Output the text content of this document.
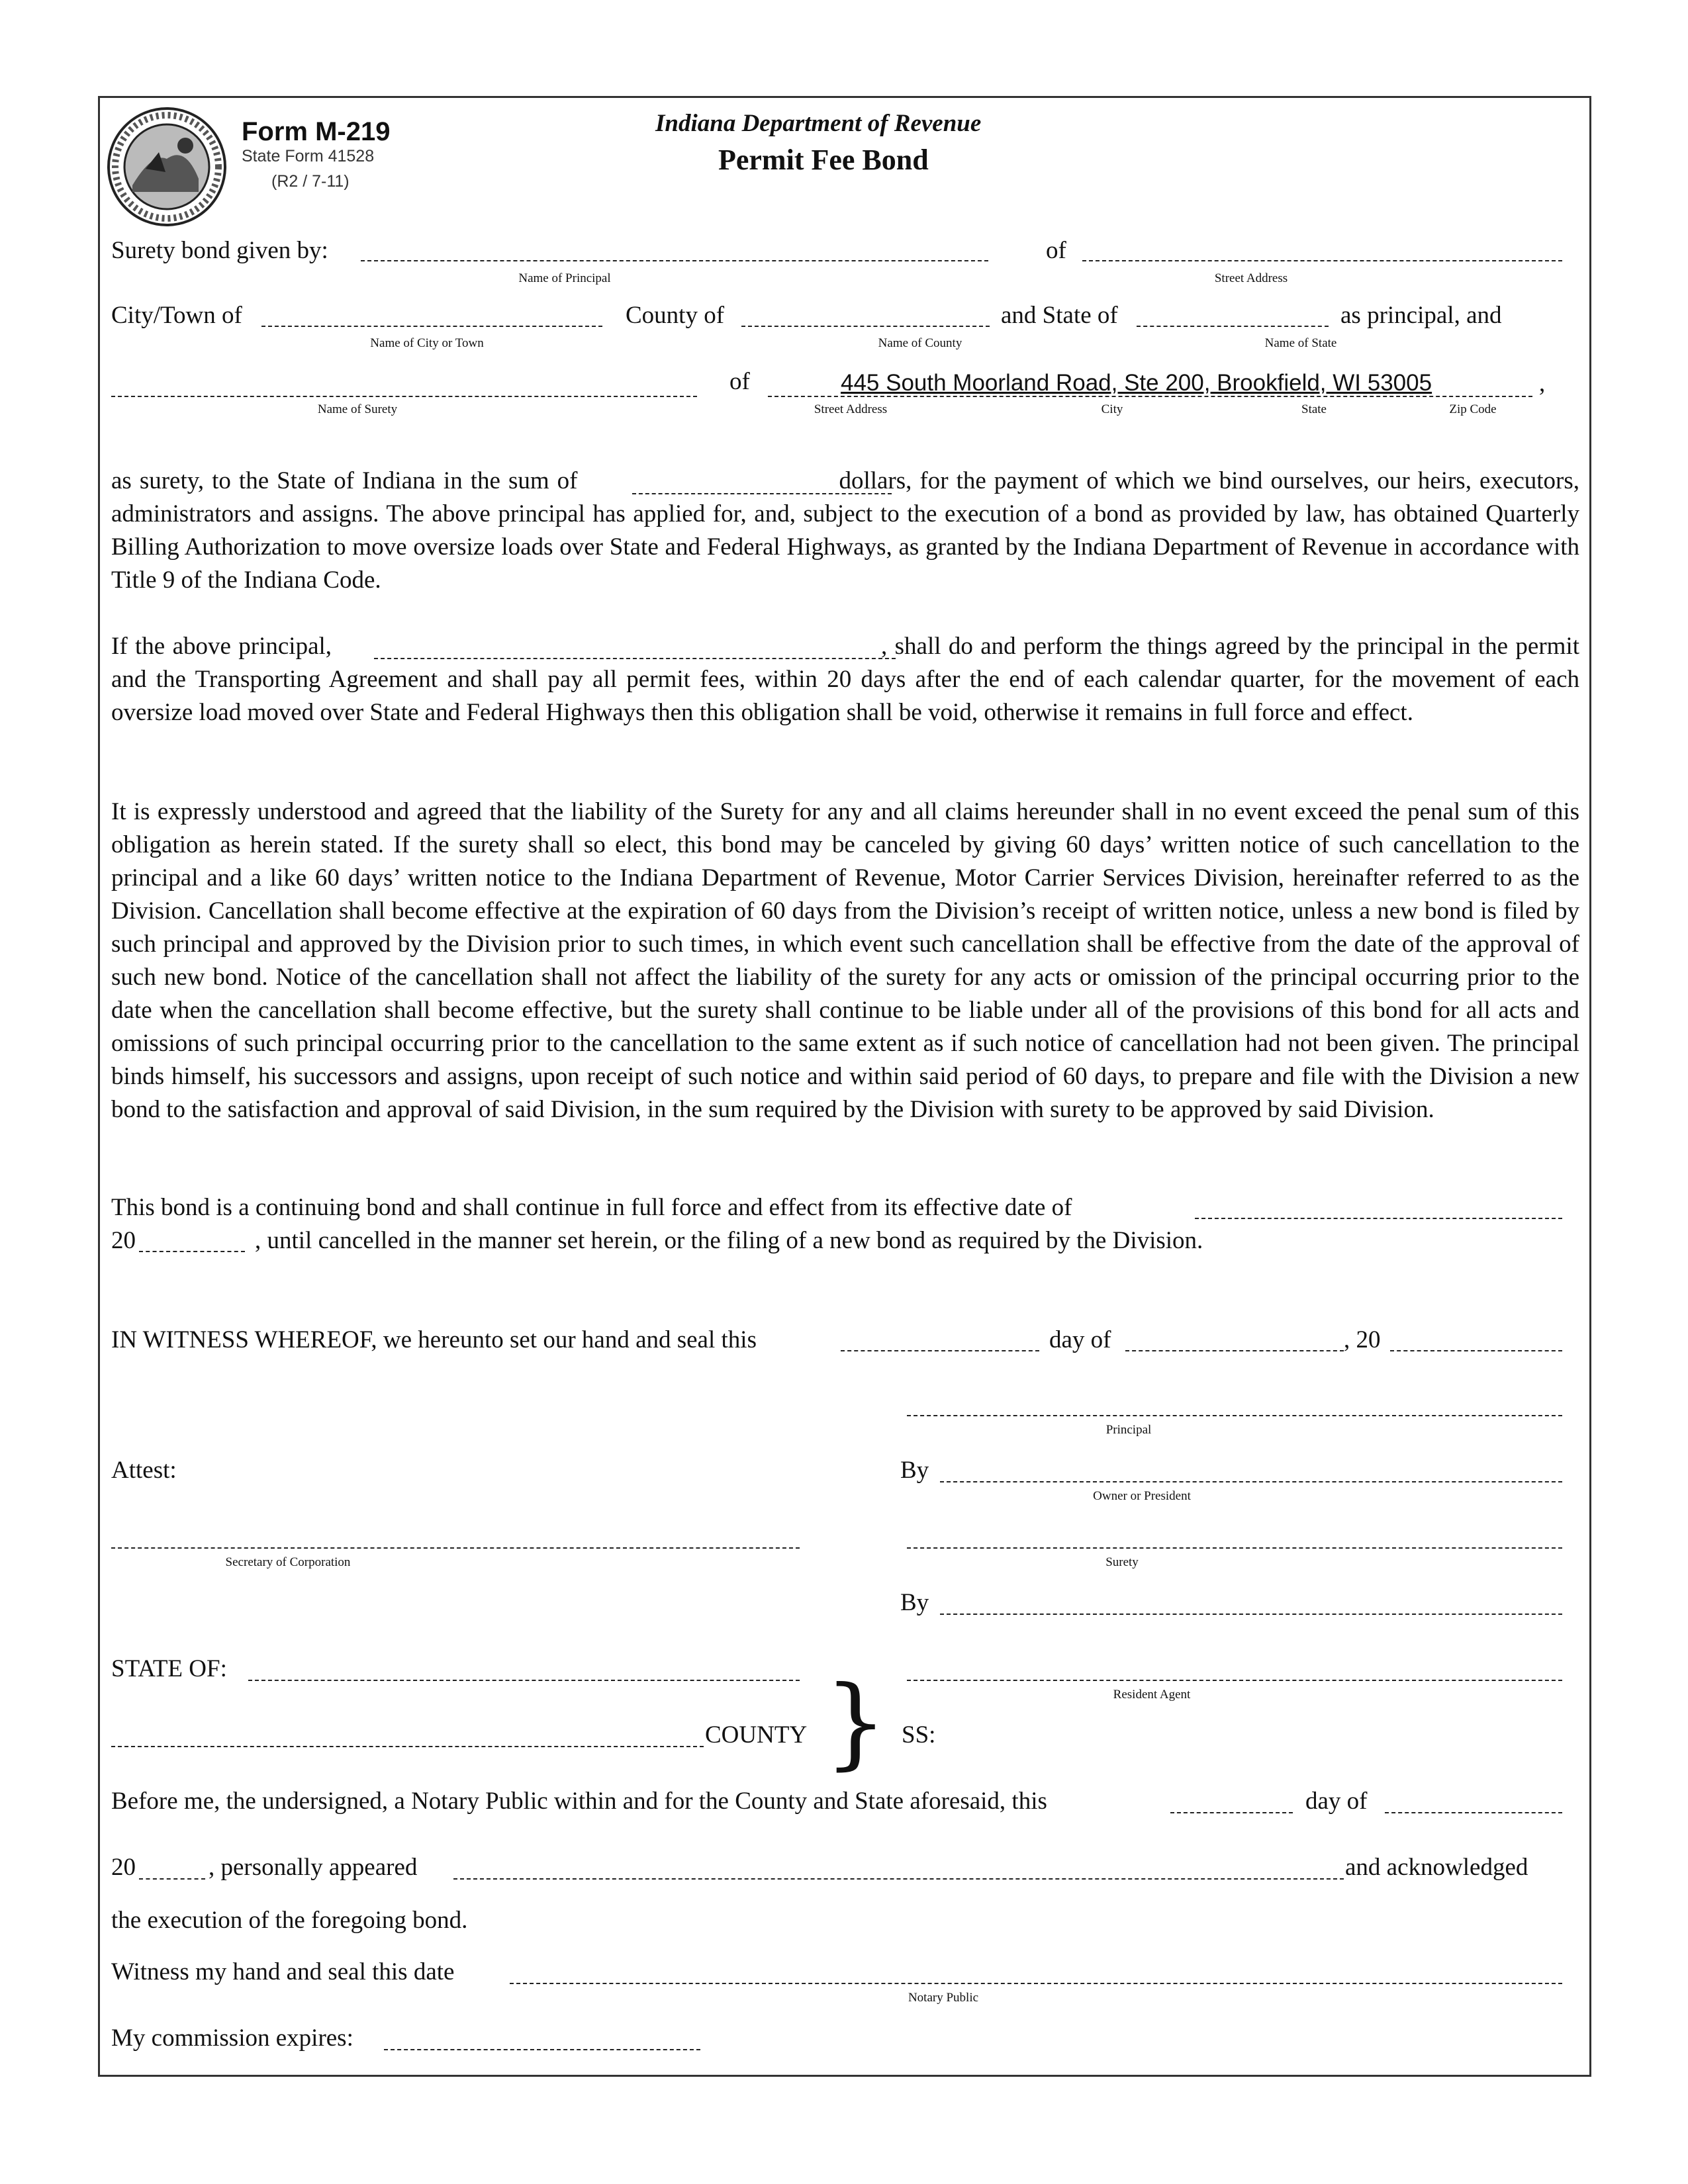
Form M-219
State Form 41528
(R2 / 7-11)
Indiana Department of Revenue
Permit Fee Bond
Surety bond given by:	of
Name of Principal	Street Address
City/Town of	County of	and State of	as principal, and
Name of City or Town	Name of County	Name of State
of	445 South Moorland Road, Ste 200, Brookfield, WI 53005	,
Name of Surety	Street Address	City	State	Zip Code
as surety, to the State of Indiana in the sum of	dollars, for the payment of which we bind ourselves, our heirs, executors, administrators and assigns. The above principal has applied for, and, subject to the execution of a bond as provided by law, has obtained Quarterly Billing Authorization to move oversize loads over State and Federal Highways, as granted by the Indiana Department of Revenue in accordance with Title 9 of the Indiana Code.
If the above principal,	, shall do and perform the things agreed by the principal in the permit and the Transporting Agreement and shall pay all permit fees, within 20 days after the end of each calendar quarter, for the movement of each oversize load moved over State and Federal Highways then this obligation shall be void, otherwise it remains in full force and effect.
It is expressly understood and agreed that the liability of the Surety for any and all claims hereunder shall in no event exceed the penal sum of this obligation as herein stated. If the surety shall so elect, this bond may be canceled by giving 60 days’ written notice of such cancellation to the principal and a like 60 days’ written notice to the Indiana Department of Revenue, Motor Carrier Services Division, hereinafter referred to as the Division. Cancellation shall become effective at the expiration of 60 days from the Division’s receipt of written notice, unless a new bond is filed by such principal and approved by the Division prior to such times, in which event such cancellation shall be effective from the date of the approval of such new bond. Notice of the cancellation shall not affect the liability of the surety for any acts or omission of the principal occurring prior to the date when the cancellation shall become effective, but the surety shall continue to be liable under all of the provisions of this bond for all acts and omissions of such principal occurring prior to the cancellation to the same extent as if such notice of cancellation had not been given. The principal binds himself, his successors and assigns, upon receipt of such notice and within said period of 60 days, to prepare and file with the Division a new bond to the satisfaction and approval of said Division, in the sum required by the Division with surety to be approved by said Division.
This bond is a continuing bond and shall continue in full force and effect from its effective date of
20	, until cancelled in the manner set herein, or the filing of a new bond as required by the Division.
IN WITNESS WHEREOF, we hereunto set our hand and seal this	day of	, 20
Principal
Attest:	By
Owner or President
Secretary of Corporation	Surety
By
STATE OF:
Resident Agent
COUNTY } SS:
Before me, the undersigned, a Notary Public within and for the County and State aforesaid, this	day of
20	, personally appeared	and acknowledged
the execution of the foregoing bond.
Witness my hand and seal this date
Notary Public
My commission expires:
